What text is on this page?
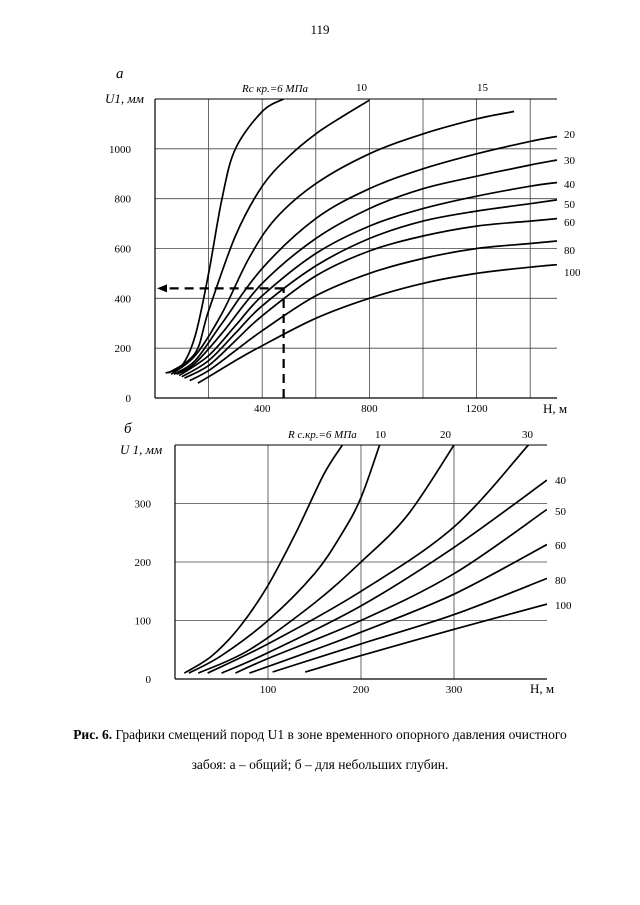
119
400	800	1200
0
200
400
600
800
1000
Н, м
U1, мм
а
Rс кр.=6 МПа	10	15
20
30
40
50
60
80
100
100	200	300
0
100
200
300
Н, м
U 1, мм
б	R с.кр.=6 МПа 10	20	30
40
50
60
80
100
Рис. 6. Графики смещений пород U1 в зоне временного опорного давления очистного забоя: а – общий; б – для небольших глубин.
